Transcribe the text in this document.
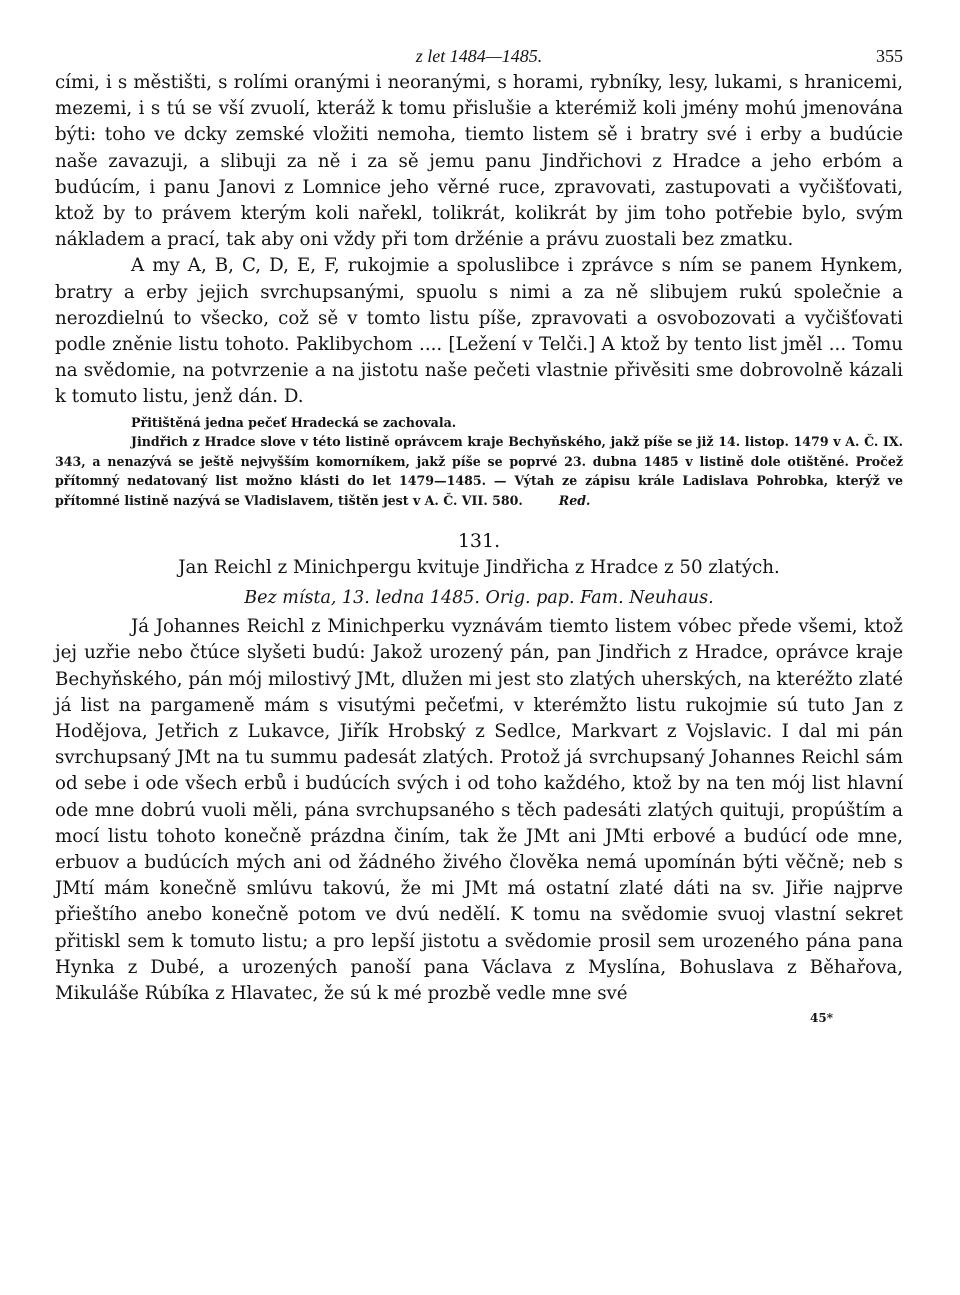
z let 1484—1485.	355

cími, i s městišti, s rolími oranými i neoranými, s horami, rybníky, lesy, lukami, s hranicemi, mezemi, i s tú se vší zvuolí, kteráž k tomu přislušie a kterémiž koli jmény mohú jmenována býti: toho ve dcky zemské vložiti nemoha, tiemto listem sě i bratry své i erby a budúcie naše zavazuji, a slibuji za ně i za sě jemu panu Jindřichovi z Hradce a jeho erbóm a budúcím, i panu Janovi z Lomnice jeho věrné ruce, zpravovati, zastupovati a vyčišťovati, ktož by to právem kterým koli nařekl, tolikrát, kolikrát by jim toho potřebie bylo, svým nákladem a prací, tak aby oni vždy při tom držénie a právu zuostali bez zmatku.

A my A, B, C, D, E, F, rukojmie a spoluslibce i zprávce s ním se panem Hynkem, bratry a erby jejich svrchupsanými, spuolu s nimi a za ně slibujem rukú společnie a nerozdielnú to všecko, což sě v tomto listu píše, zpravovati a osvobozovati a vyčišťovati podle zněnie listu tohoto. Paklibychom .... [Ležení v Telči.] A ktož by tento list jměl ... Tomu na svědomie, na potvrzenie a na jistotu naše pečeti vlastnie přivěsiti sme dobrovolně kázali k tomuto listu, jenž dán. D.

Přitištěná jedna pečeť Hradecká se zachovala.

Jindřich z Hradce slove v této listině oprávcem kraje Bechyňského, jakž píše se již 14. listop. 1479 v A. Č. IX. 343, a nenazývá se ještě nejvyšším komorníkem, jakž píše se poprvé 23. dubna 1485 v listině dole otištěné. Pročež přítomný nedatovaný list možno klásti do let 1479—1485. — Výtah ze zápisu krále Ladislava Pohrobka, kterýž ve přítomné listině nazývá se Vladislavem, tištěn jest v A. Č. VII. 580.	Red.

131.
Jan Reichl z Minichpergu kvituje Jindřicha z Hradce z 50 zlatých.
Bez místa, 13. ledna 1485. Orig. pap. Fam. Neuhaus.

Já Johannes Reichl z Minichperku vyznávám tiemto listem vóbec přede všemi, ktož jej uzřie nebo čtúce slyšeti budú: Jakož urozený pán, pan Jindřich z Hradce, oprávce kraje Bechyňského, pán mój milostivý JMt, dlužen mi jest sto zlatých uherských, na kteréžto zlaté já list na pargameně mám s visutými pečeťmi, v kterémžto listu rukojmie sú tuto Jan z Hodějova, Jetřich z Lukavce, Jiřík Hrobský z Sedlce, Markvart z Vojslavic. I dal mi pán svrchupsaný JMt na tu summu padesát zlatých. Protož já svrchupsaný Johannes Reichl sám od sebe i ode všech erbů i budúcích svých i od toho každého, ktož by na ten mój list hlavní ode mne dobrú vuoli měli, pána svrchupsaného s těch padesáti zlatých quituji, propúštím a mocí listu tohoto konečně prázdna činím, tak že JMt ani JMti erbové a budúcí ode mne, erbuov a budúcích mých ani od žádného živého člověka nemá upomínán býti věčně; neb s JMtí mám konečně smlúvu takovú, že mi JMt má ostatní zlaté dáti na sv. Jiřie najprve přieštího anebo konečně potom ve dvú nedělí. K tomu na svědomie svuoj vlastní sekret přitiskl sem k tomuto listu; a pro lepší jistotu a svědomie prosil sem urozeného pána pana Hynka z Dubé, a urozených panoší pana Václava z Myslína, Bohuslava z Běhařova, Mikuláše Rúbíka z Hlavatec, že sú k mé prozbě vedle mne své

45*
